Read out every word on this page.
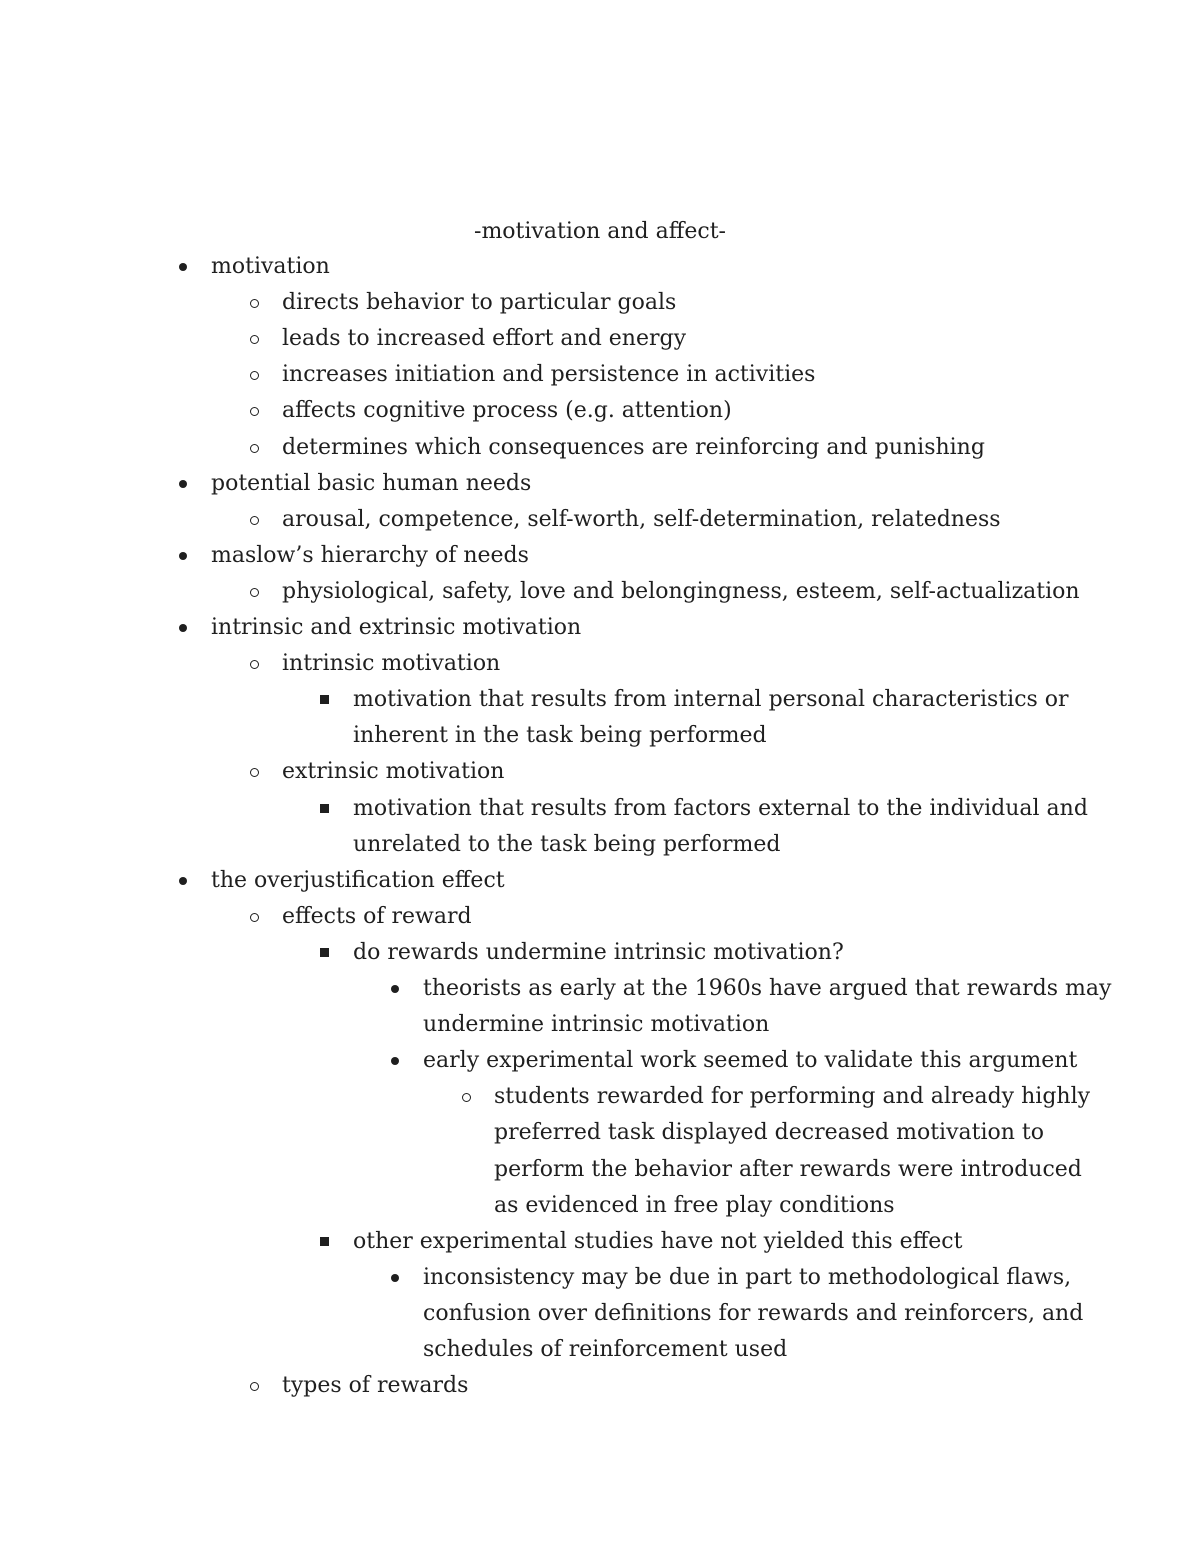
-motivation and affect-
motivation
directs behavior to particular goals
leads to increased effort and energy
increases initiation and persistence in activities
affects cognitive process (e.g. attention)
determines which consequences are reinforcing and punishing
potential basic human needs
arousal, competence, self-worth, self-determination, relatedness
maslow’s hierarchy of needs
physiological, safety, love and belongingness, esteem, self-actualization
intrinsic and extrinsic motivation
intrinsic motivation
motivation that results from internal personal characteristics or
inherent in the task being performed
extrinsic motivation
motivation that results from factors external to the individual and
unrelated to the task being performed
the overjustification effect
effects of reward
do rewards undermine intrinsic motivation?
theorists as early at the 1960s have argued that rewards may
undermine intrinsic motivation
early experimental work seemed to validate this argument
students rewarded for performing and already highly
preferred task displayed decreased motivation to
perform the behavior after rewards were introduced
as evidenced in free play conditions
other experimental studies have not yielded this effect
inconsistency may be due in part to methodological flaws,
confusion over definitions for rewards and reinforcers, and
schedules of reinforcement used
types of rewards
